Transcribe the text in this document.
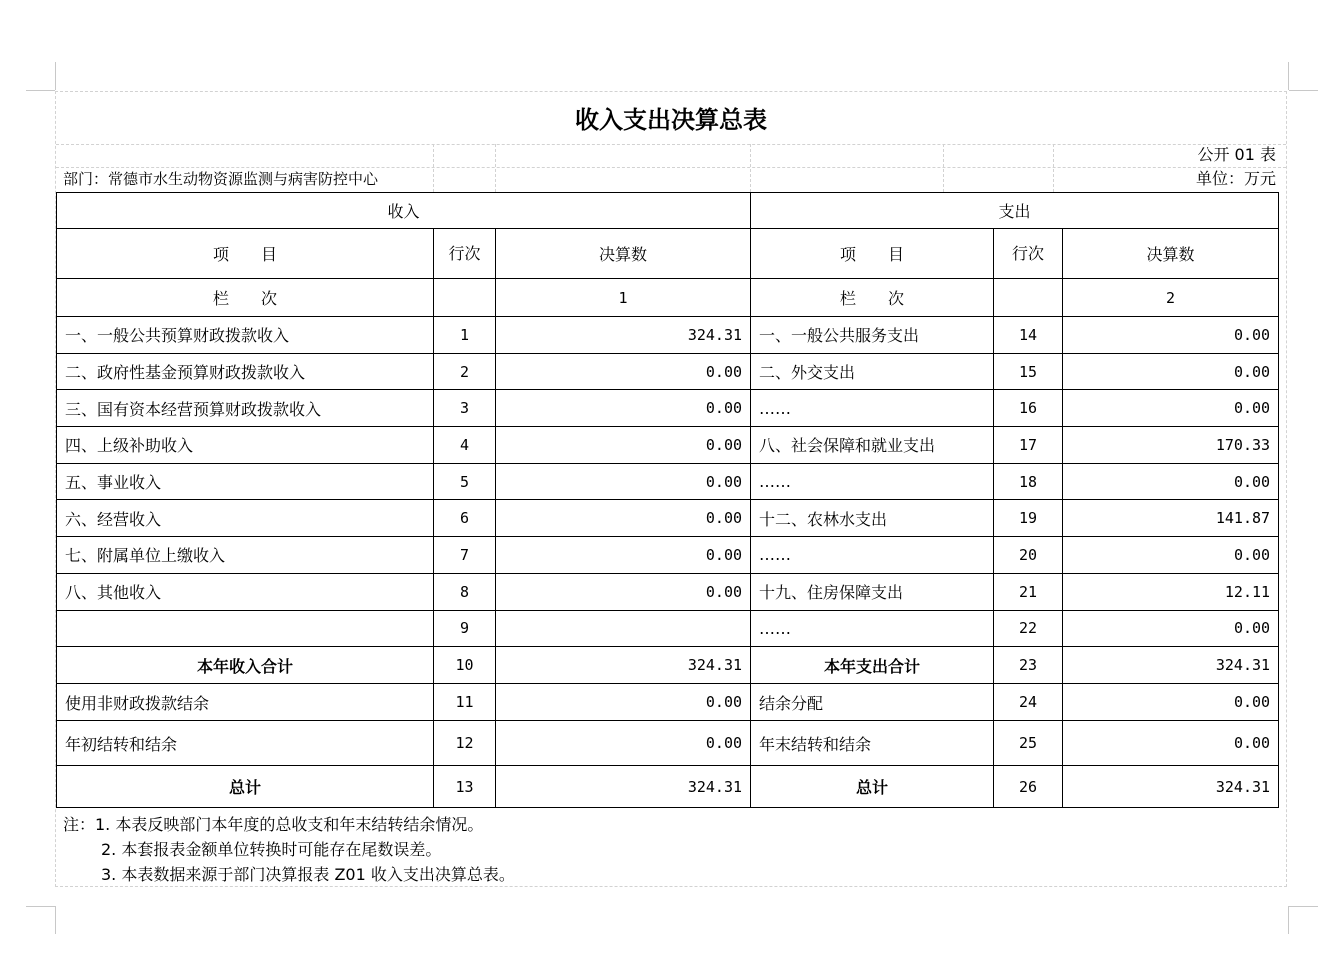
收入支出决算总表
公开 01 表
部门：常德市水生动物资源监测与病害防控中心	单位：万元
收入			支出		
项　　目	行次	决算数	项　　目	行次	决算数
栏　　次		1	栏　　次		2
一、一般公共预算财政拨款收入	1	324.31	一、一般公共服务支出	14	0.00
二、政府性基金预算财政拨款收入	2	0.00	二、外交支出	15	0.00
三、国有资本经营预算财政拨款收入	3	0.00	……	16	0.00
四、上级补助收入	4	0.00	八、社会保障和就业支出	17	170.33
五、事业收入	5	0.00	……	18	0.00
六、经营收入	6	0.00	十二、农林水支出	19	141.87
七、附属单位上缴收入	7	0.00	……	20	0.00
八、其他收入	8	0.00	十九、住房保障支出	21	12.11
	9		……	22	0.00
本年收入合计	10	324.31	本年支出合计	23	324.31
使用非财政拨款结余	11	0.00	结余分配	24	0.00
年初结转和结余	12	0.00	年末结转和结余	25	0.00
总计	13	324.31	总计	26	324.31
注：1. 本表反映部门本年度的总收支和年末结转结余情况。
2. 本套报表金额单位转换时可能存在尾数误差。
3. 本表数据来源于部门决算报表 Z01 收入支出决算总表。
